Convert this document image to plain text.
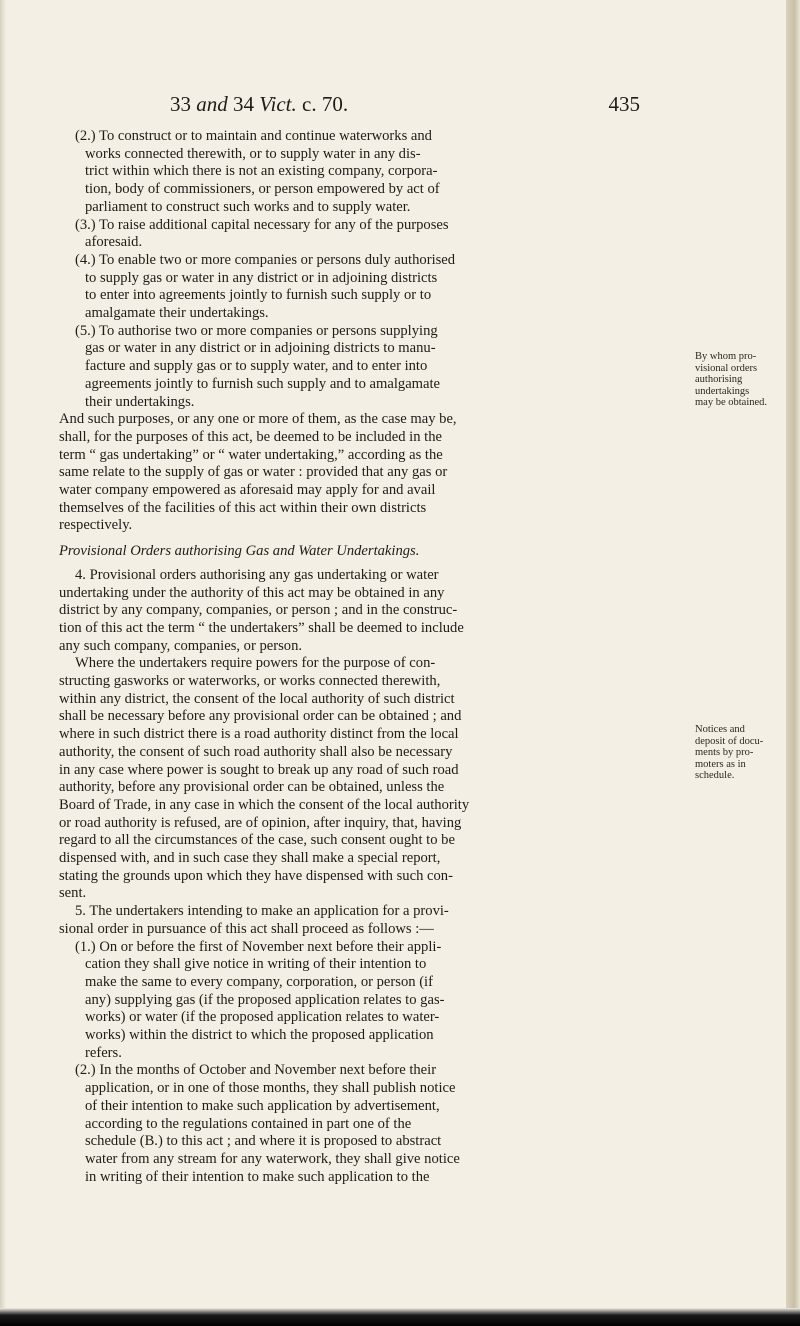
33 and 34 Vict. c. 70.	435
(2.) To construct or to maintain and continue waterworks and
works connected therewith, or to supply water in any dis-
trict within which there is not an existing company, corpora-
tion, body of commissioners, or person empowered by act of
parliament to construct such works and to supply water.
(3.) To raise additional capital necessary for any of the purposes
aforesaid.
(4.) To enable two or more companies or persons duly authorised
to supply gas or water in any district or in adjoining districts
to enter into agreements jointly to furnish such supply or to
amalgamate their undertakings.
(5.) To authorise two or more companies or persons supplying
gas or water in any district or in adjoining districts to manu-
facture and supply gas or to supply water, and to enter into
agreements jointly to furnish such supply and to amalgamate
their undertakings.
And such purposes, or any one or more of them, as the case may be,
shall, for the purposes of this act, be deemed to be included in the
term “ gas undertaking” or “ water undertaking,” according as the
same relate to the supply of gas or water : provided that any gas or
water company empowered as aforesaid may apply for and avail
themselves of the facilities of this act within their own districts
respectively.
Provisional Orders authorising Gas and Water Undertakings.
4. Provisional orders authorising any gas undertaking or water
undertaking under the authority of this act may be obtained in any
district by any company, companies, or person ; and in the construc-
tion of this act the term “ the undertakers” shall be deemed to include
any such company, companies, or person.
Where the undertakers require powers for the purpose of con-
structing gasworks or waterworks, or works connected therewith,
within any district, the consent of the local authority of such district
shall be necessary before any provisional order can be obtained ; and
where in such district there is a road authority distinct from the local
authority, the consent of such road authority shall also be necessary
in any case where power is sought to break up any road of such road
authority, before any provisional order can be obtained, unless the
Board of Trade, in any case in which the consent of the local authority
or road authority is refused, are of opinion, after inquiry, that, having
regard to all the circumstances of the case, such consent ought to be
dispensed with, and in such case they shall make a special report,
stating the grounds upon which they have dispensed with such con-
sent.
5. The undertakers intending to make an application for a provi-
sional order in pursuance of this act shall proceed as follows :—
(1.) On or before the first of November next before their appli-
cation they shall give notice in writing of their intention to
make the same to every company, corporation, or person (if
any) supplying gas (if the proposed application relates to gas-
works) or water (if the proposed application relates to water-
works) within the district to which the proposed application
refers.
(2.) In the months of October and November next before their
application, or in one of those months, they shall publish notice
of their intention to make such application by advertisement,
according to the regulations contained in part one of the
schedule (B.) to this act ; and where it is proposed to abstract
water from any stream for any waterwork, they shall give notice
in writing of their intention to make such application to the
By whom pro-
visional orders
authorising
undertakings
may be obtained.
Notices and
deposit of docu-
ments by pro-
moters as in
schedule.
